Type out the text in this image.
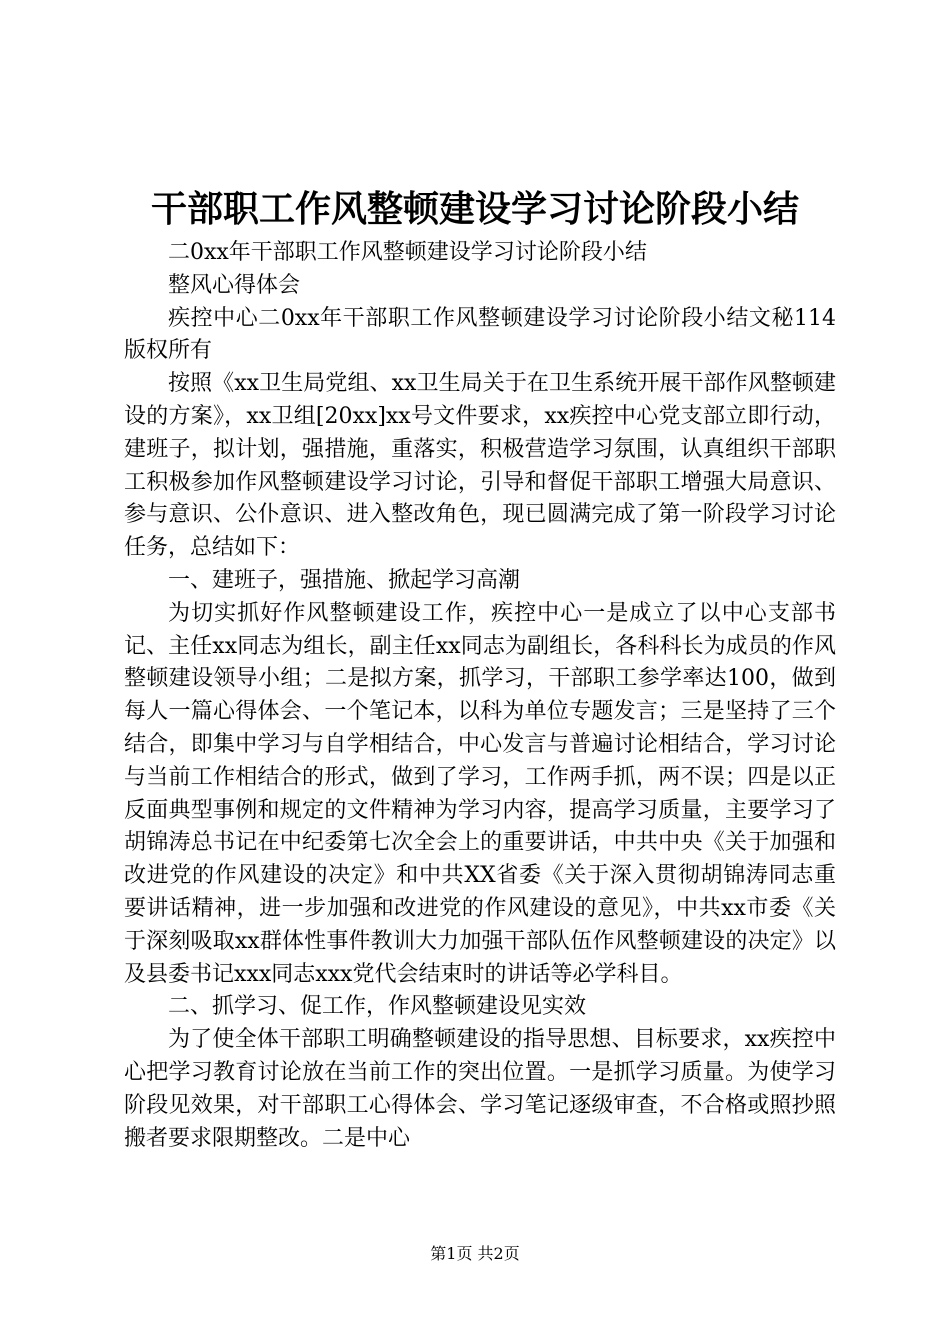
干部职工作风整顿建设学习讨论阶段小结

二0xx年干部职工作风整顿建设学习讨论阶段小结

整风心得体会

疾控中心二0xx年干部职工作风整顿建设学习讨论阶段小结文秘114版权所有

按照《xx卫生局党组、xx卫生局关于在卫生系统开展干部作风整顿建设的方案》，xx卫组[20xx]xx号文件要求，xx疾控中心党支部立即行动，建班子，拟计划，强措施，重落实，积极营造学习氛围，认真组织干部职工积极参加作风整顿建设学习讨论，引导和督促干部职工增强大局意识、参与意识、公仆意识、进入整改角色，现已圆满完成了第一阶段学习讨论任务，总结如下：

一、建班子，强措施、掀起学习高潮

为切实抓好作风整顿建设工作，疾控中心一是成立了以中心支部书记、主任xx同志为组长，副主任xx同志为副组长，各科科长为成员的作风整顿建设领导小组；二是拟方案，抓学习，干部职工参学率达100，做到每人一篇心得体会、一个笔记本，以科为单位专题发言；三是坚持了三个结合，即集中学习与自学相结合，中心发言与普遍讨论相结合，学习讨论与当前工作相结合的形式，做到了学习，工作两手抓，两不误；四是以正反面典型事例和规定的文件精神为学习内容，提高学习质量，主要学习了胡锦涛总书记在中纪委第七次全会上的重要讲话，中共中央《关于加强和改进党的作风建设的决定》和中共XX省委《关于深入贯彻胡锦涛同志重要讲话精神，进一步加强和改进党的作风建设的意见》，中共xx市委《关于深刻吸取xx群体性事件教训大力加强干部队伍作风整顿建设的决定》以及县委书记xxx同志xxx党代会结束时的讲话等必学科目。

二、抓学习、促工作，作风整顿建设见实效

为了使全体干部职工明确整顿建设的指导思想、目标要求，xx疾控中心把学习教育讨论放在当前工作的突出位置。一是抓学习质量。为使学习阶段见效果，对干部职工心得体会、学习笔记逐级审查，不合格或照抄照搬者要求限期整改。二是中心

第1页 共2页
